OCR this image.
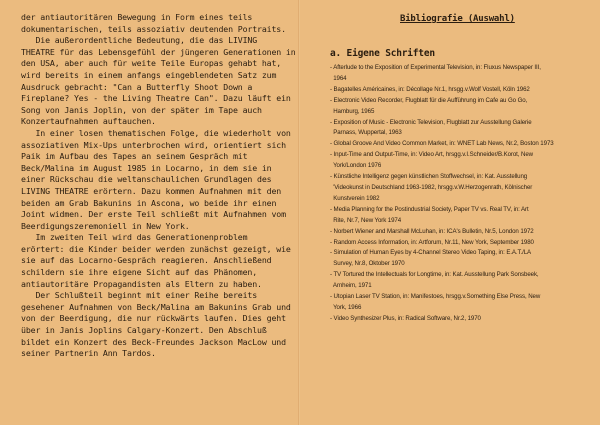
der antiautoritären Bewegung in Form eines teils

dokumentarischen, teils assoziativ deutenden Portraits.

Die außerordentliche Bedeutung, die das LIVING

THEATRE für das Lebensgefühl der jüngeren Generationen in

den USA, aber auch für weite Teile Europas gehabt hat,

wird bereits in einem anfangs eingeblendeten Satz zum

Ausdruck gebracht: "Can a Butterfly Shoot Down a

Fireplane? Yes - the Living Theatre Can". Dazu läuft ein

Song von Janis Joplin, von der später im Tape auch

Konzertaufnahmen auftauchen.

In einer losen thematischen Folge, die wiederholt von

assoziativen Mix-Ups unterbrochen wird, orientiert sich

Paik im Aufbau des Tapes an seinem Gespräch mit

Beck/Malina im August 1985 in Locarno, in dem sie in

einer Rückschau die weltanschaulichen Grundlagen des

LIVING THEATRE erörtern. Dazu kommen Aufnahmen mit den

beiden am Grab Bakunins in Ascona, wo beide ihr einen

Joint widmen. Der erste Teil schließt mit Aufnahmen vom

Beerdigungszeremoniell in New York.

Im zweiten Teil wird das Generationenproblem

erörtert: die Kinder beider werden zunächst gezeigt, wie

sie auf das Locarno-Gespräch reagieren. Anschließend

schildern sie ihre eigene Sicht auf das Phänomen,

antiautoritäre Propagandisten als Eltern zu haben.

Der Schlußteil beginnt mit einer Reihe bereits

gesehener Aufnahmen von Beck/Malina am Bakunins Grab und

von der Beerdigung, die nur rückwärts laufen. Dies geht

über in Janis Joplins Calgary-Konzert. Den Abschluß

bildet ein Konzert des Beck-Freundes Jackson MacLow und

seiner Partnerin Ann Tardos.

Bibliografie (Auswahl)
a. Eigene Schriften
- Afterlude to the Exposition of Experimental Television, in: Fluxus Newspaper III,
1964
- Bagatelles Américaines, in: Décollage Nr.1, hrsgg.v.Wolf Vostell, Köln 1962
- Electronic Video Recorder, Flugblatt für die Aufführung im Cafe au Go Go,
Hamburg, 1965
- Exposition of Music - Electronic Television, Flugblatt zur Ausstellung Galerie
Parnass, Wuppertal, 1963
- Global Groove And Video Common Market, in: WNET Lab News, Nr.2, Boston 1973
- Input-Time and Output-Time, in: Video Art, hrsgg.v.I.Schneider/B.Korot, New
York/London 1976
- Künstliche Intelligenz gegen künstlichen Stoffwechsel, in: Kat. Ausstellung
'Videokunst in Deutschland 1963-1982, hrsgg.v.W.Herzogenrath, Kölnischer
Kunstverein 1982
- Media Planning for the Postindustrial Society, Paper TV vs. Real TV, in: Art
Rite, Nr.7, New York 1974
- Norbert Wiener and Marshall McLuhan, in: ICA's Bulletin, Nr.5, London 1972
- Random Access Information, in: Artforum, Nr.11, New York, September 1980
- Simulation of Human Eyes by 4-Channel Stereo Video Taping, in: E.A.T./LA
Survey, Nr.8, Oktober 1970
- TV Tortured the Intellectuals for Longtime, in: Kat. Ausstellung Park Sonsbeek,
Arnheim, 1971
- Utopian Laser TV Station, in: Manifestoes, hrsgg.v.Something Else Press, New
York, 1966
- Video Synthesizer Plus, in: Radical Software, Nr.2, 1970
